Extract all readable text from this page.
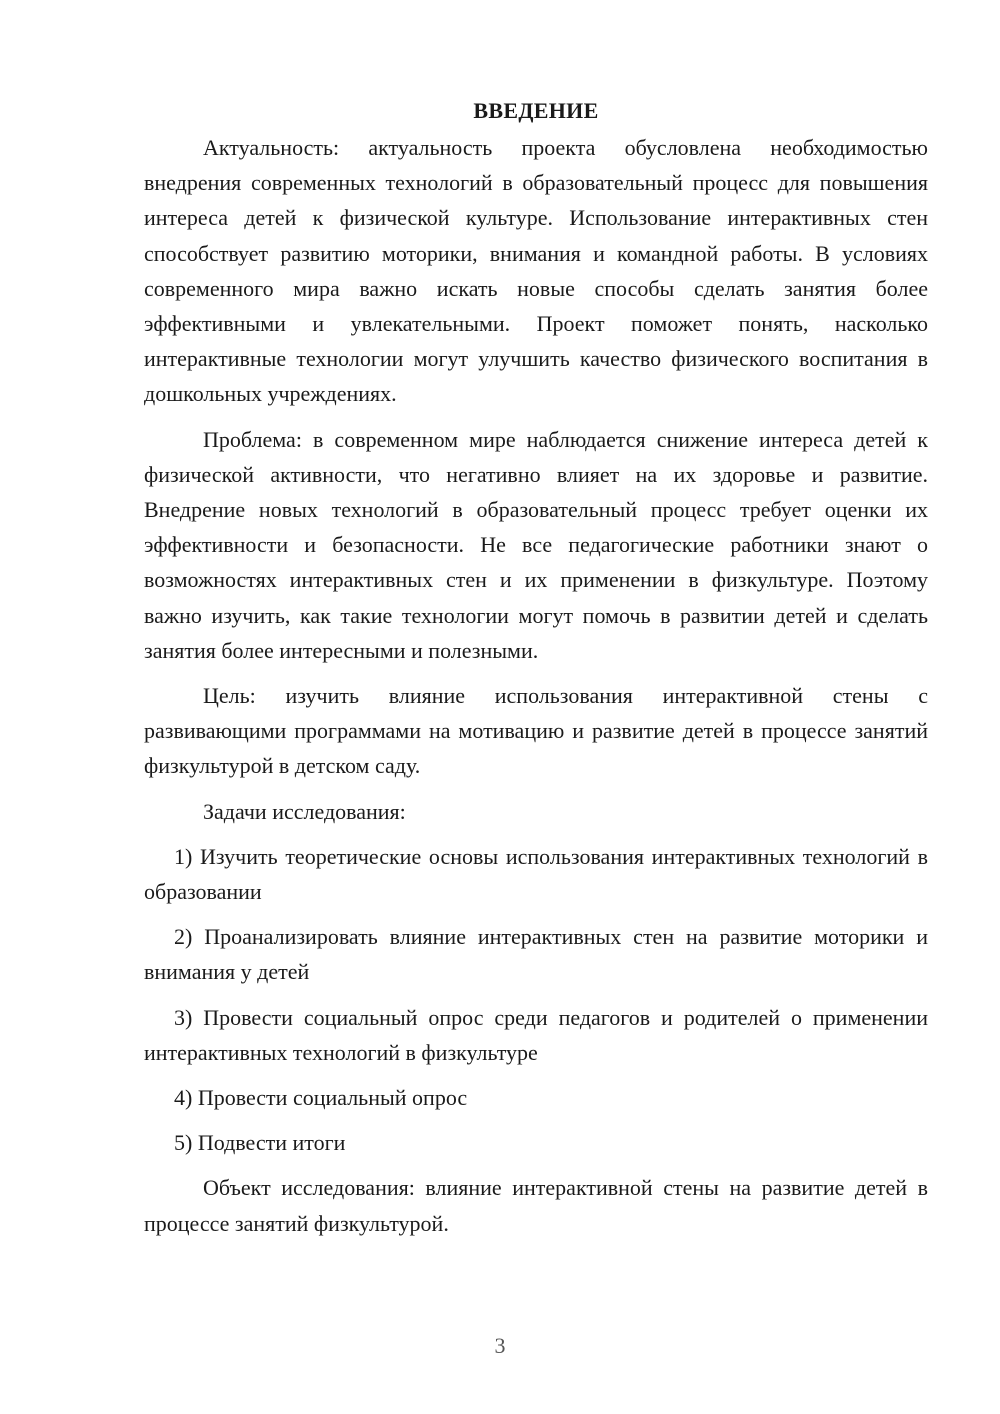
ВВЕДЕНИЕ

Актуальность: актуальность проекта обусловлена необходимостью внедрения современных технологий в образовательный процесс для повышения интереса детей к физической культуре. Использование интерактивных стен способствует развитию моторики, внимания и командной работы. В условиях современного мира важно искать новые способы сделать занятия более эффективными и увлекательными. Проект поможет понять, насколько интерактивные технологии могут улучшить качество физического воспитания в дошкольных учреждениях.

Проблема: в современном мире наблюдается снижение интереса детей к физической активности, что негативно влияет на их здоровье и развитие. Внедрение новых технологий в образовательный процесс требует оценки их эффективности и безопасности. Не все педагогические работники знают о возможностях интерактивных стен и их применении в физкультуре. Поэтому важно изучить, как такие технологии могут помочь в развитии детей и сделать занятия более интересными и полезными.

Цель: изучить влияние использования интерактивной стены с развивающими программами на мотивацию и развитие детей в процессе занятий физкультурой в детском саду.

Задачи исследования:

1) Изучить теоретические основы использования интерактивных технологий в образовании

2) Проанализировать влияние интерактивных стен на развитие моторики и внимания у детей

3) Провести социальный опрос среди педагогов и родителей о применении интерактивных технологий в физкультуре

4) Провести социальный опрос

5) Подвести итоги

Объект исследования: влияние интерактивной стены на развитие детей в процессе занятий физкультурой.

3
